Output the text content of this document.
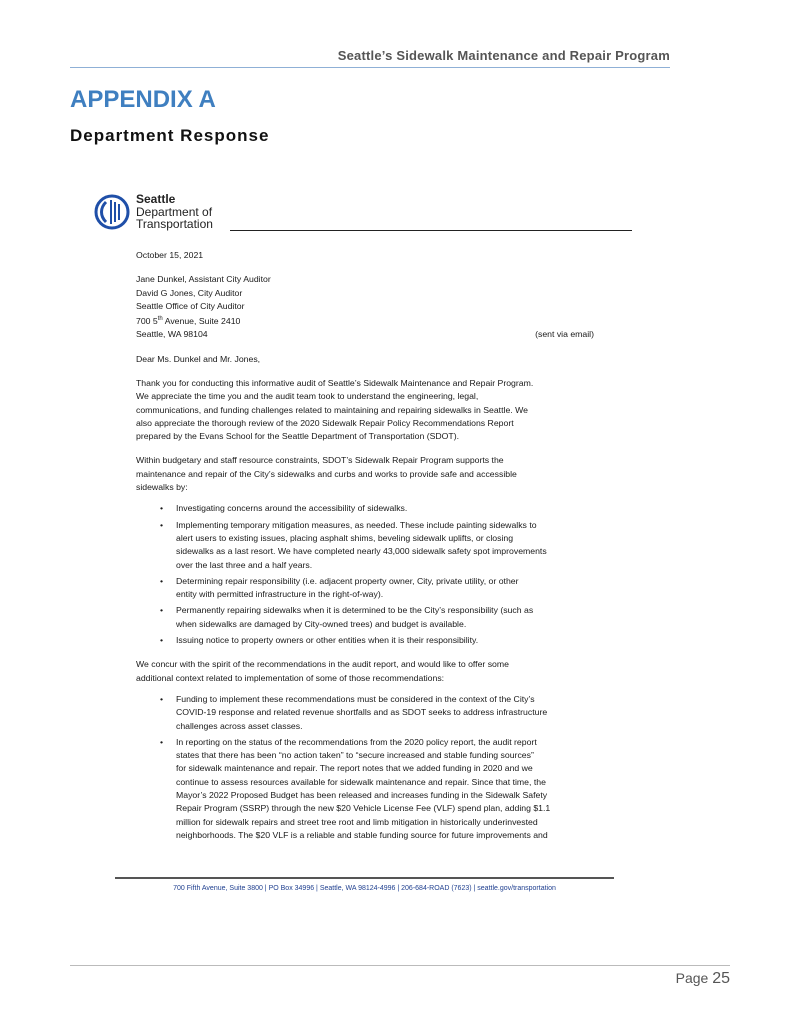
Seattle’s Sidewalk Maintenance and Repair Program
APPENDIX A
Department Response
Seattle
Department of
Transportation
October 15, 2021
Jane Dunkel, Assistant City Auditor
David G Jones, City Auditor
Seattle Office of City Auditor
700 5th Avenue, Suite 2410
Seattle, WA 98104	(sent via email)
Dear Ms. Dunkel and Mr. Jones,
Thank you for conducting this informative audit of Seattle’s Sidewalk Maintenance and Repair Program.
We appreciate the time you and the audit team took to understand the engineering, legal,
communications, and funding challenges related to maintaining and repairing sidewalks in Seattle. We
also appreciate the thorough review of the 2020 Sidewalk Repair Policy Recommendations Report
prepared by the Evans School for the Seattle Department of Transportation (SDOT).
Within budgetary and staff resource constraints, SDOT’s Sidewalk Repair Program supports the
maintenance and repair of the City’s sidewalks and curbs and works to provide safe and accessible
sidewalks by:
• Investigating concerns around the accessibility of sidewalks.
• Implementing temporary mitigation measures, as needed. These include painting sidewalks to
alert users to existing issues, placing asphalt shims, beveling sidewalk uplifts, or closing
sidewalks as a last resort. We have completed nearly 43,000 sidewalk safety spot improvements
over the last three and a half years.
• Determining repair responsibility (i.e. adjacent property owner, City, private utility, or other
entity with permitted infrastructure in the right-of-way).
• Permanently repairing sidewalks when it is determined to be the City’s responsibility (such as
when sidewalks are damaged by City-owned trees) and budget is available.
• Issuing notice to property owners or other entities when it is their responsibility.
We concur with the spirit of the recommendations in the audit report, and would like to offer some
additional context related to implementation of some of those recommendations:
• Funding to implement these recommendations must be considered in the context of the City’s
COVID-19 response and related revenue shortfalls and as SDOT seeks to address infrastructure
challenges across asset classes.
• In reporting on the status of the recommendations from the 2020 policy report, the audit report
states that there has been “no action taken” to “secure increased and stable funding sources”
for sidewalk maintenance and repair. The report notes that we added funding in 2020 and we
continue to assess resources available for sidewalk maintenance and repair. Since that time, the
Mayor’s 2022 Proposed Budget has been released and increases funding in the Sidewalk Safety
Repair Program (SSRP) through the new $20 Vehicle License Fee (VLF) spend plan, adding $1.1
million for sidewalk repairs and street tree root and limb mitigation in historically underinvested
neighborhoods. The $20 VLF is a reliable and stable funding source for future improvements and
700 Fifth Avenue, Suite 3800 | PO Box 34996 | Seattle, WA 98124-4996 | 206-684-ROAD (7623) | seattle.gov/transportation
Page 25
